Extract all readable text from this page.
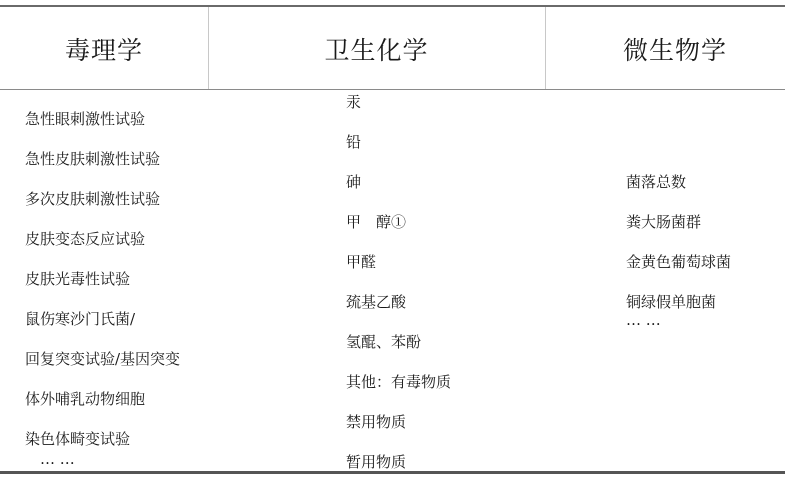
毒理学	卫生化学	微生物学
急性眼刺激性试验
急性皮肤刺激性试验
多次皮肤刺激性试验
皮肤变态反应试验
皮肤光毒性试验
鼠伤寒沙门氏菌/
回复突变试验/基因突变
体外哺乳动物细胞
染色体畸变试验
… …
汞
铅
砷
甲　醇①
甲醛
巯基乙酸
氢醌、苯酚
其他：有毒物质
禁用物质
暂用物质
菌落总数
粪大肠菌群
金黄色葡萄球菌
铜绿假单胞菌
… …
